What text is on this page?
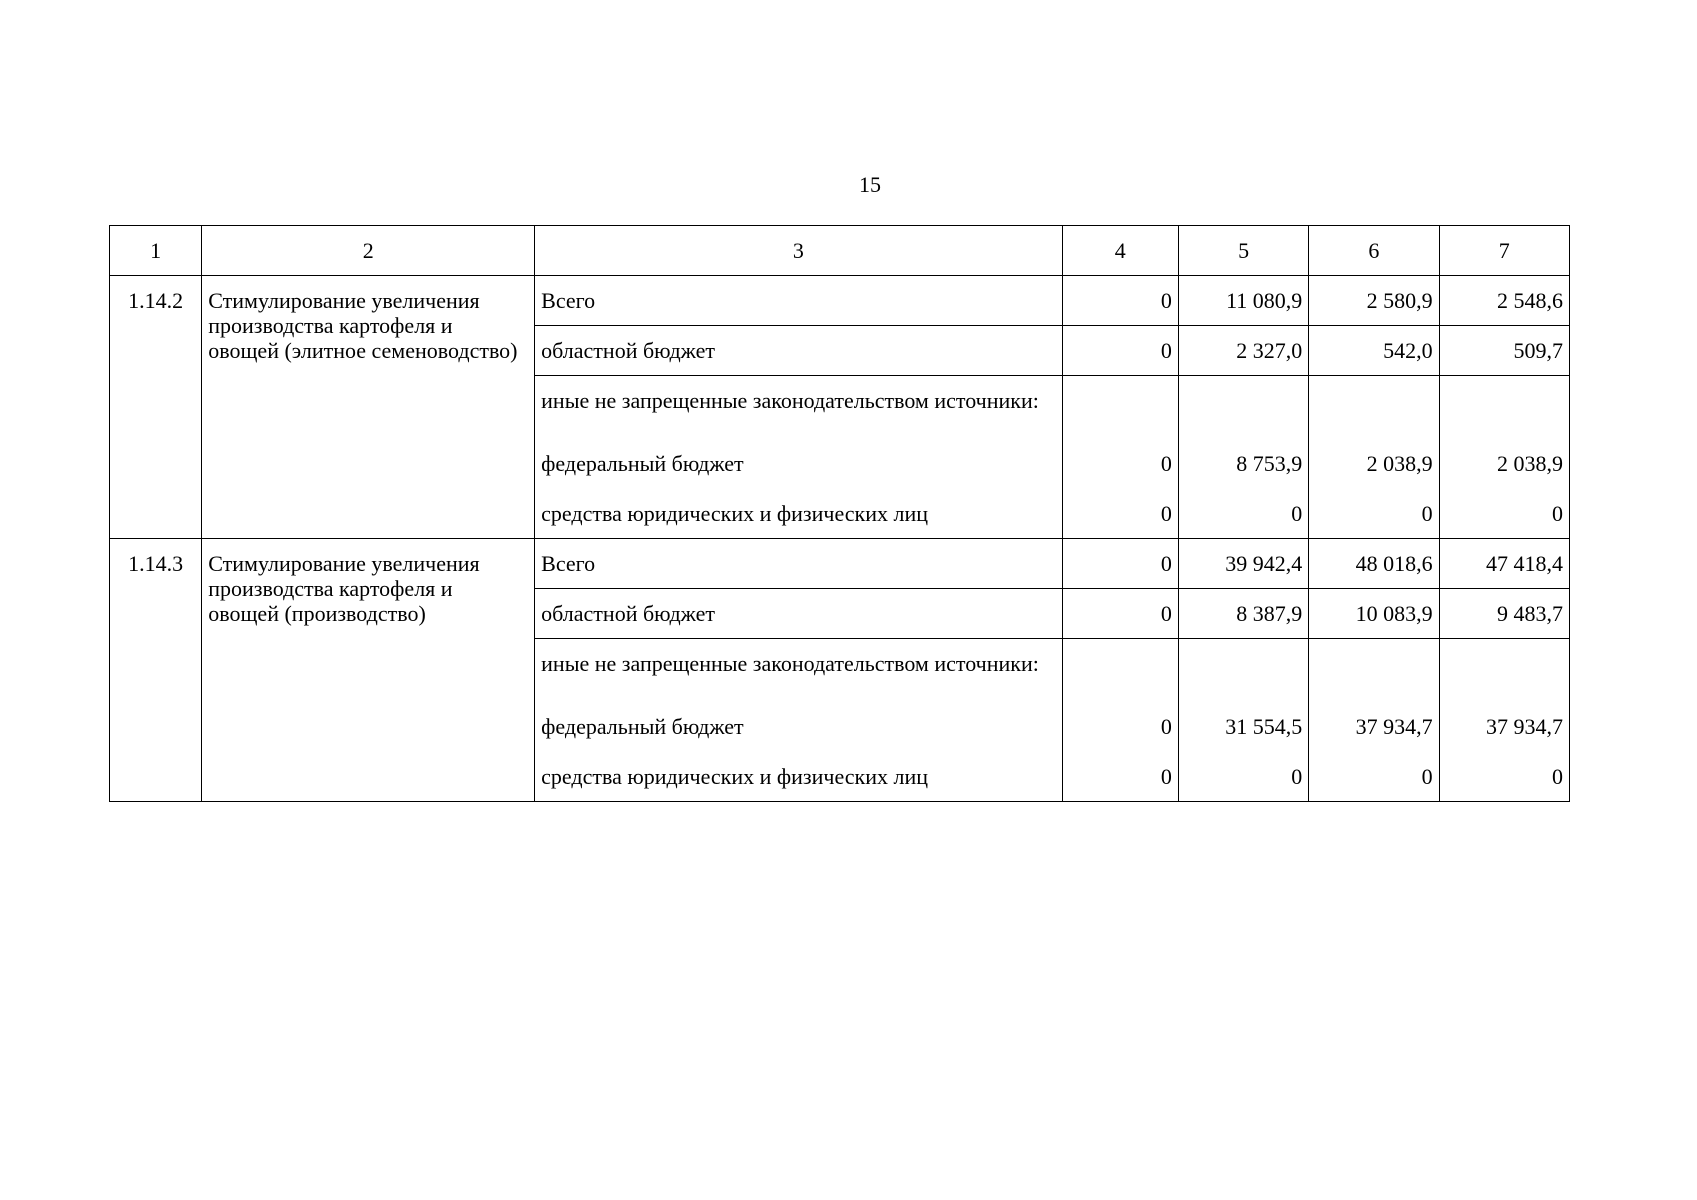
15
1	2	3	4	5	6	7
1.14.2	Стимулирование увеличения производства картофеля и овощей (элитное семеноводство)	Всего	0	11 080,9	2 580,9	2 548,6
		областной бюджет	0	2 327,0	542,0	509,7
		иные не запрещенные законодательством источники:				
		федеральный бюджет	0	8 753,9	2 038,9	2 038,9
		средства юридических и физических лиц	0	0	0	0
1.14.3	Стимулирование увеличения производства картофеля и овощей (производство)	Всего	0	39 942,4	48 018,6	47 418,4
		областной бюджет	0	8 387,9	10 083,9	9 483,7
		иные не запрещенные законодательством источники:				
		федеральный бюджет	0	31 554,5	37 934,7	37 934,7
		средства юридических и физических лиц	0	0	0	0
